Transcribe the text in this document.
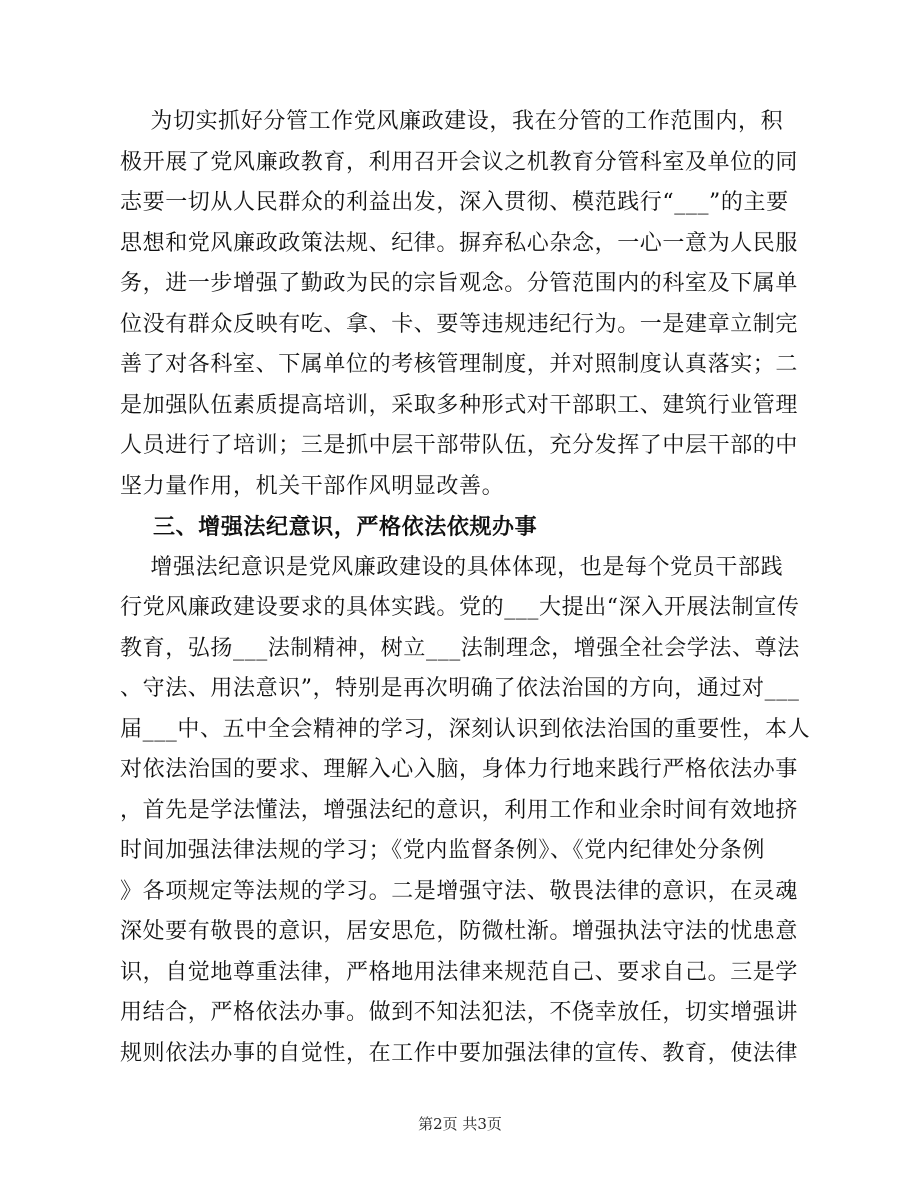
为切实抓好分管工作党风廉政建设，我在分管的工作范围内，积

极开展了党风廉政教育，利用召开会议之机教育分管科室及单位的同

志要一切从人民群众的利益出发，深入贯彻、模范践行“___”的主要

思想和党风廉政政策法规、纪律。摒弃私心杂念，一心一意为人民服

务，进一步增强了勤政为民的宗旨观念。分管范围内的科室及下属单

位没有群众反映有吃、拿、卡、要等违规违纪行为。一是建章立制完

善了对各科室、下属单位的考核管理制度，并对照制度认真落实；二

是加强队伍素质提高培训，采取多种形式对干部职工、建筑行业管理

人员进行了培训；三是抓中层干部带队伍，充分发挥了中层干部的中

坚力量作用，机关干部作风明显改善。

三、增强法纪意识，严格依法依规办事

增强法纪意识是党风廉政建设的具体体现，也是每个党员干部践

行党风廉政建设要求的具体实践。党的___大提出“深入开展法制宣传

教育，弘扬___法制精神，树立___法制理念，增强全社会学法、尊法

、守法、用法意识”，特别是再次明确了依法治国的方向，通过对___

届___中、五中全会精神的学习，深刻认识到依法治国的重要性，本人

对依法治国的要求、理解入心入脑，身体力行地来践行严格依法办事

，首先是学法懂法，增强法纪的意识，利用工作和业余时间有效地挤

时间加强法律法规的学习；《党内监督条例》、《党内纪律处分条例

》各项规定等法规的学习。二是增强守法、敬畏法律的意识，在灵魂

深处要有敬畏的意识，居安思危，防微杜渐。增强执法守法的忧患意

识，自觉地尊重法律，严格地用法律来规范自己、要求自己。三是学

用结合，严格依法办事。做到不知法犯法，不侥幸放任，切实增强讲

规则依法办事的自觉性，在工作中要加强法律的宣传、教育，使法律

第2页 共3页
